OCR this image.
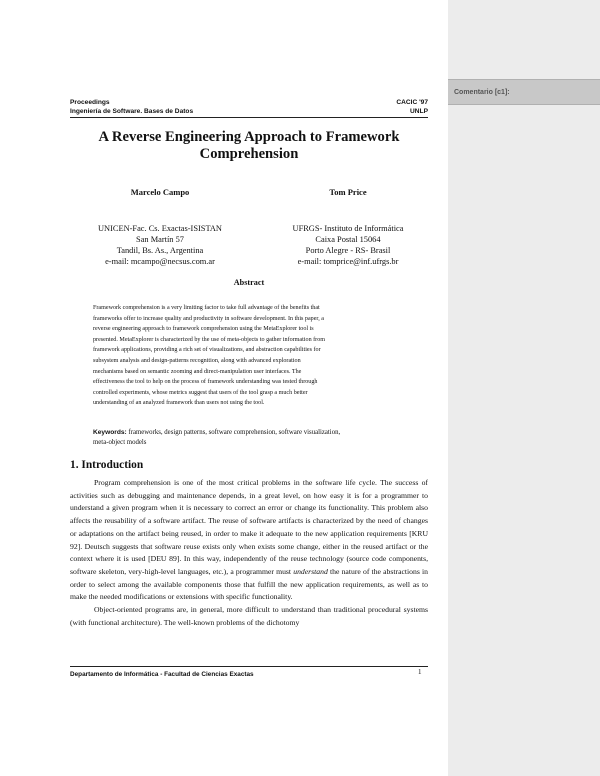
Proceedings
Ingeniería de Software. Bases de Datos
CACIC '97
UNLP
A Reverse Engineering Approach to Framework
Comprehension
Marcelo Campo
UNICEN-Fac. Cs. Exactas-ISISTAN
San Martín 57
Tandil, Bs. As., Argentina
e-mail: mcampo@necsus.com.ar
Tom Price
UFRGS- Instituto de Informática
Caixa Postal 15064
Porto Alegre - RS- Brasil
e-mail: tomprice@inf.ufrgs.br
Abstract
Framework comprehension is a very limiting factor to take full advantage of the benefits that
frameworks offer to increase quality and productivity in software development. In this paper, a
reverse engineering approach to framework comprehension using the MetaExplorer tool is
presented. MetaExplorer is characterized by the use of meta-objects to gather information from
framework applications, providing a rich set of visualizations, and abstraction capabilities for
subsystem analysis and design-patterns recognition, along with advanced exploration
mechanisms based on semantic zooming and direct-manipulation user interfaces. The
effectiveness the tool to help on the process of framework understanding was tested through
controlled experiments, whose metrics suggest that users of the tool grasp a much better
understanding of an analyzed framework than users not using the tool.
Keywords: frameworks, design patterns, software comprehension, software visualization,
meta-object models
1. Introduction

Program comprehension is one of the most critical problems in the software life cycle. The success of activities such as debugging and maintenance depends, in a great level, on how easy it is for a programmer to understand a given program when it is necessary to correct an error or change its functionality. This problem also affects the reusability of a software artifact. The reuse of software artifacts is characterized by the need of changes or adaptations on the artifact being reused, in order to make it adequate to the new application requirements [KRU 92]. Deutsch suggests that software reuse exists only when exists some change, either in the reused artifact or the context where it is used [DEU 89]. In this way, independently of the reuse technology (source code components, software skeleton, very-high-level languages, etc.), a programmer must understand the nature of the abstractions in order to select among the available components those that fulfill the new application requirements, as well as to make the needed modifications or extensions with specific functionality.

Object-oriented programs are, in general, more difficult to understand than traditional procedural systems (with functional architecture). The well-known problems of the dichotomy

Departamento de Informática - Facultad de Ciencias Exactas	1
Comentario [c1]:
